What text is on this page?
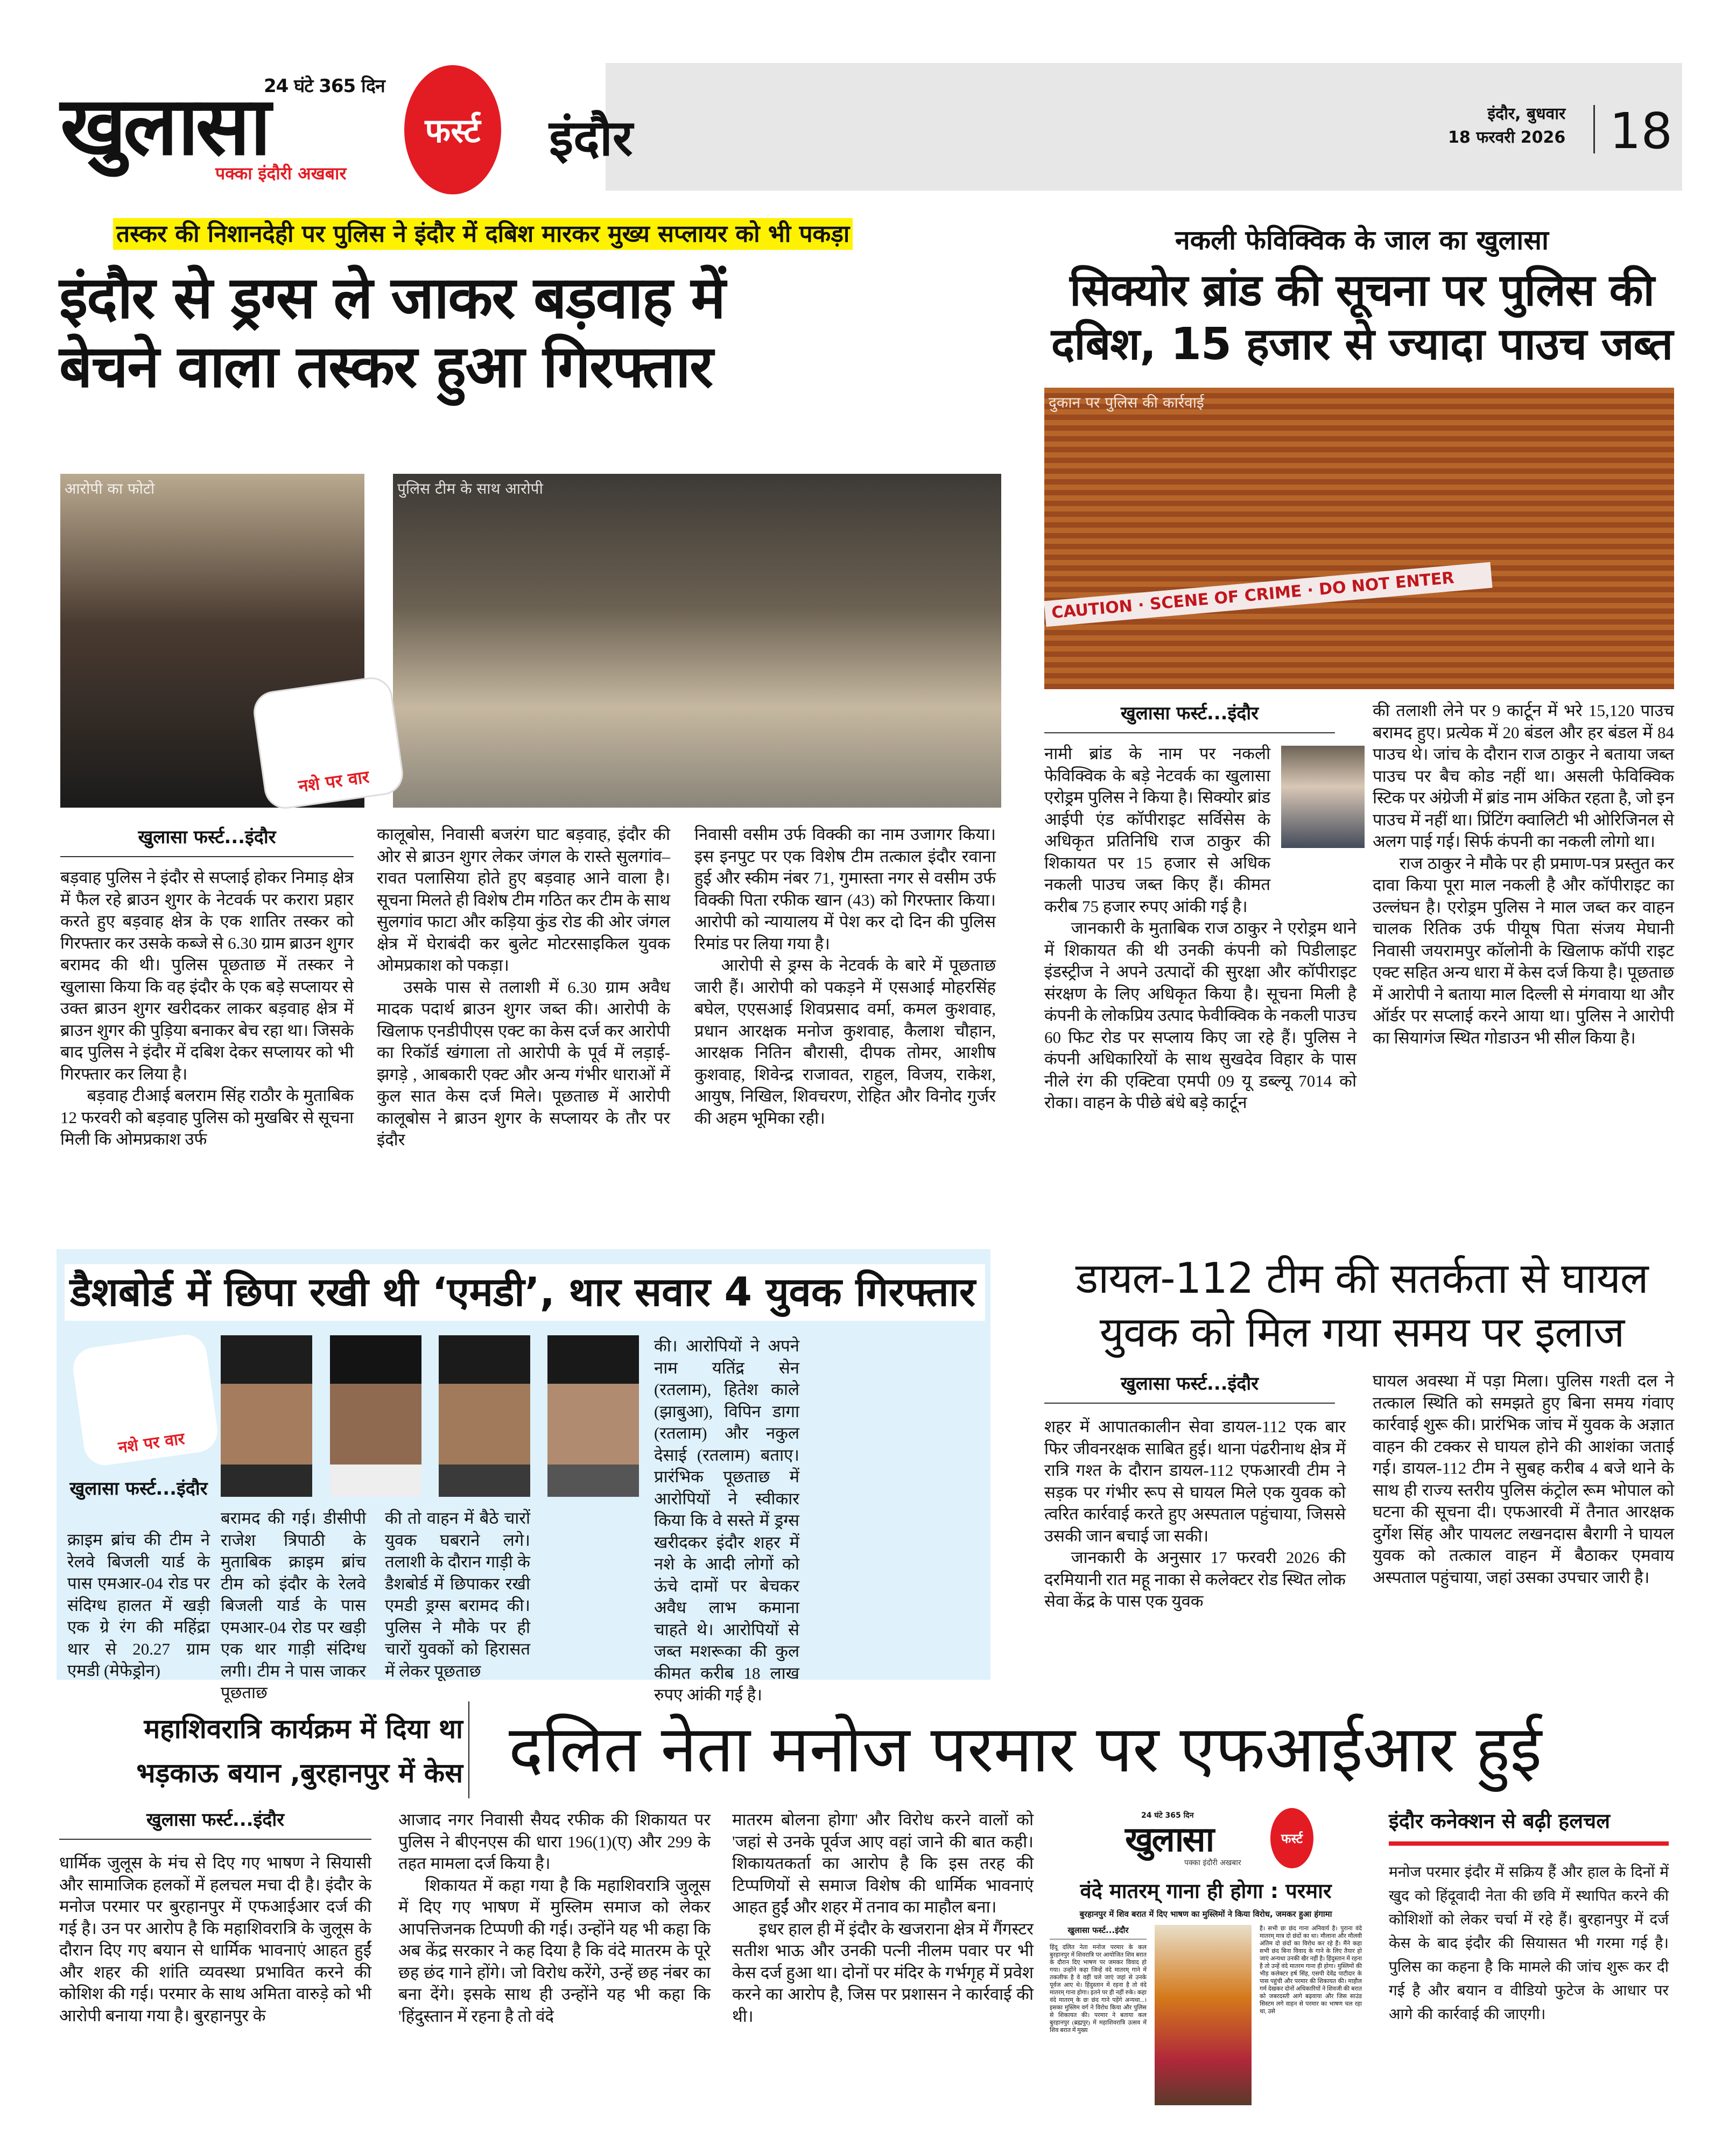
24 घंटे 365 दिन
खुलासा
पक्का इंदौरी अखबार
फर्स्ट इंदौर	इंदौर, बुधवार
18 फरवरी 2026 18
तस्कर की निशानदेही पर पुलिस ने इंदौर में दबिश मारकर मुख्य सप्लायर को भी पकड़ा
इंदौर से ड्रग्स ले जाकर बड़वाह में
बेचने वाला तस्कर हुआ गिरफ्तार
आरोपी का फोटो	पुलिस टीम के साथ आरोपी
नशे पर वार
खुलासा फर्स्ट...इंदौर

बड़वाह पुलिस ने इंदौर से सप्लाई होकर निमाड़ क्षेत्र में फैल रहे ब्राउन शुगर के नेटवर्क पर करारा प्रहार करते हुए बड़वाह क्षेत्र के एक शातिर तस्कर को गिरफ्तार कर उसके कब्जे से 6.30 ग्राम ब्राउन शुगर बरामद की थी। पुलिस पूछताछ में तस्कर ने खुलासा किया कि वह इंदौर के एक बड़े सप्लायर से उक्त ब्राउन शुगर खरीदकर लाकर बड़वाह क्षेत्र में ब्राउन शुगर की पुड़िया बनाकर बेच रहा था। जिसके बाद पुलिस ने इंदौर में दबिश देकर सप्लायर को भी गिरफ्तार कर लिया है।

बड़वाह टीआई बलराम सिंह राठौर के मुताबिक 12 फरवरी को बड़वाह पुलिस को मुखबिर से सूचना मिली कि ओमप्रकाश उर्फ

कालूबोस, निवासी बजरंग घाट बड़वाह, इंदौर की ओर से ब्राउन शुगर लेकर जंगल के रास्ते सुलगांव–रावत पलासिया होते हुए बड़वाह आने वाला है। सूचना मिलते ही विशेष टीम गठित कर टीम के साथ सुलगांव फाटा और कड़िया कुंड रोड की ओर जंगल क्षेत्र में घेराबंदी कर बुलेट मोटरसाइकिल युवक ओमप्रकाश को पकड़ा।

उसके पास से तलाशी में 6.30 ग्राम अवैध मादक पदार्थ ब्राउन शुगर जब्त की। आरोपी के खिलाफ एनडीपीएस एक्ट का केस दर्ज कर आरोपी का रिकॉर्ड खंगाला तो आरोपी के पूर्व में लड़ाई-झगड़े , आबकारी एक्ट और अन्य गंभीर धाराओं में कुल सात केस दर्ज मिले। पूछताछ में आरोपी कालूबोस ने ब्राउन शुगर के सप्लायर के तौर पर इंदौर

निवासी वसीम उर्फ विक्की का नाम उजागर किया। इस इनपुट पर एक विशेष टीम तत्काल इंदौर रवाना हुई और स्कीम नंबर 71, गुमास्ता नगर से वसीम उर्फ विक्की पिता रफीक खान (43) को गिरफ्तार किया। आरोपी को न्यायालय में पेश कर दो दिन की पुलिस रिमांड पर लिया गया है।

आरोपी से ड्रग्स के नेटवर्क के बारे में पूछताछ जारी हैं। आरोपी को पकड़ने में एसआई मोहरसिंह बघेल, एएसआई शिवप्रसाद वर्मा, कमल कुशवाह, प्रधान आरक्षक मनोज कुशवाह, कैलाश चौहान, आरक्षक नितिन बौरासी, दीपक तोमर, आशीष कुशवाह, शिवेन्द्र राजावत, राहुल, विजय, राकेश, आयुष, निखिल, शिवचरण, रोहित और विनोद गुर्जर की अहम भूमिका रही।

नकली फेविक्विक के जाल का खुलासा
सिक्योर ब्रांड की सूचना पर पुलिस की
दबिश, 15 हजार से ज्यादा पाउच जब्त
दुकान पर पुलिस की कार्रवाई
CAUTION · SCENE OF CRIME · DO NOT ENTER
खुलासा फर्स्ट...इंदौर

नामी ब्रांड के नाम पर नकली फेविक्विक के बड़े नेटवर्क का खुलासा एरोड्रम पुलिस ने किया है। सिक्योर ब्रांड आईपी एंड कॉपीराइट सर्विसेस के अधिकृत प्रतिनिधि राज ठाकुर की शिकायत पर 15 हजार से अधिक नकली पाउच जब्त किए हैं। कीमत करीब 75 हजार रुपए आंकी गई है।

जानकारी के मुताबिक राज ठाकुर ने एरोड्रम थाने में शिकायत की थी उनकी कंपनी को पिडीलाइट इंडस्ट्रीज ने अपने उत्पादों की सुरक्षा और कॉपीराइट संरक्षण के लिए अधिकृत किया है। सूचना मिली है कंपनी के लोकप्रिय उत्पाद फेवीक्विक के नकली पाउच 60 फिट रोड पर सप्लाय किए जा रहे हैं। पुलिस ने कंपनी अधिकारियों के साथ सुखदेव विहार के पास नीले रंग की एक्टिवा एमपी 09 यू डब्ल्यू 7014 को रोका। वाहन के पीछे बंधे बड़े कार्टून

की तलाशी लेने पर 9 कार्टून में भरे 15,120 पाउच बरामद हुए। प्रत्येक में 20 बंडल और हर बंडल में 84 पाउच थे। जांच के दौरान राज ठाकुर ने बताया जब्त पाउच पर बैच कोड नहीं था। असली फेविक्विक स्टिक पर अंग्रेजी में ब्रांड नाम अंकित रहता है, जो इन पाउच में नहीं था। प्रिंटिंग क्वालिटी भी ओरिजिनल से अलग पाई गई। सिर्फ कंपनी का नकली लोगो था।

राज ठाकुर ने मौके पर ही प्रमाण-पत्र प्रस्तुत कर दावा किया पूरा माल नकली है और कॉपीराइट का उल्लंघन है। एरोड्रम पुलिस ने माल जब्त कर वाहन चालक रितिक उर्फ पीयूष पिता संजय मेघानी निवासी जयरामपुर कॉलोनी के खिलाफ कॉपी राइट एक्ट सहित अन्य धारा में केस दर्ज किया है। पूछताछ में आरोपी ने बताया माल दिल्ली से मंगवाया था और ऑर्डर पर सप्लाई करने आया था। पुलिस ने आरोपी का सियागंज स्थित गोडाउन भी सील किया है।

डैशबोर्ड में छिपा रखी थी ‘एमडी’, थार सवार 4 युवक गिरफ्तार
नशे पर वार
खुलासा फर्स्ट...इंदौर
क्राइम ब्रांच की टीम ने रेलवे बिजली यार्ड के पास एमआर-04 रोड पर संदिग्ध हालत में खड़ी एक ग्रे रंग की महिंद्रा थार से 20.27 ग्राम एमडी (मेफेड्रोन)
बरामद की गई। डीसीपी राजेश त्रिपाठी के मुताबिक क्राइम ब्रांच टीम को इंदौर के रेलवे बिजली यार्ड के पास एमआर-04 रोड पर खड़ी एक थार गाड़ी संदिग्ध लगी। टीम ने पास जाकर पूछताछ
की तो वाहन में बैठे चारों युवक घबराने लगे। तलाशी के दौरान गाड़ी के डैशबोर्ड में छिपाकर रखी एमडी ड्रग्स बरामद की। पुलिस ने मौके पर ही चारों युवकों को हिरासत में लेकर पूछताछ
की। आरोपियों ने अपने नाम यतिंद्र सेन (रतलाम), हितेश काले (झाबुआ), विपिन डागा (रतलाम) और नकुल देसाई (रतलाम) बताए। प्रारंभिक पूछताछ में आरोपियों ने स्वीकार किया कि वे सस्ते में ड्रग्स खरीदकर इंदौर शहर में नशे के आदी लोगों को ऊंचे दामों पर बेचकर अवैध लाभ कमाना चाहते थे। आरोपियों से जब्त मशरूका की कुल कीमत करीब 18 लाख रुपए आंकी गई है।
डायल-112 टीम की सतर्कता से घायल
युवक को मिल गया समय पर इलाज
खुलासा फर्स्ट...इंदौर

शहर में आपातकालीन सेवा डायल-112 एक बार फिर जीवनरक्षक साबित हुई। थाना पंढरीनाथ क्षेत्र में रात्रि गश्त के दौरान डायल-112 एफआरवी टीम ने सड़क पर गंभीर रूप से घायल मिले एक युवक को त्वरित कार्रवाई करते हुए अस्पताल पहुंचाया, जिससे उसकी जान बचाई जा सकी।

जानकारी के अनुसार 17 फरवरी 2026 की दरमियानी रात महू नाका से कलेक्टर रोड स्थित लोक सेवा केंद्र के पास एक युवक

घायल अवस्था में पड़ा मिला। पुलिस गश्ती दल ने तत्काल स्थिति को समझते हुए बिना समय गंवाए कार्रवाई शुरू की। प्रारंभिक जांच में युवक के अज्ञात वाहन की टक्कर से घायल होने की आशंका जताई गई। डायल-112 टीम ने सुबह करीब 4 बजे थाने के साथ ही राज्य स्तरीय पुलिस कंट्रोल रूम भोपाल को घटना की सूचना दी। एफआरवी में तैनात आरक्षक दुर्गेश सिंह और पायलट लखनदास बैरागी ने घायल युवक को तत्काल वाहन में बैठाकर एमवाय अस्पताल पहुंचाया, जहां उसका उपचार जारी है।

महाशिवरात्रि कार्यक्रम में दिया था
भड़काऊ बयान ,बुरहानपुर में केस दलित नेता मनोज परमार पर एफआईआर हुई
खुलासा फर्स्ट...इंदौर
धार्मिक जुलूस के मंच से दिए गए भाषण ने सियासी और सामाजिक हलकों में हलचल मचा दी है। इंदौर के मनोज परमार पर बुरहानपुर में एफआईआर दर्ज की गई है। उन पर आरोप है कि महाशिवरात्रि के जुलूस के दौरान दिए गए बयान से धार्मिक भावनाएं आहत हुईं और शहर की शांति व्यवस्था प्रभावित करने की कोशिश की गई। परमार के साथ अमिता वारुड़े को भी आरोपी बनाया गया है। बुरहानपुर के

आजाद नगर निवासी सैयद रफीक की शिकायत पर पुलिस ने बीएनएस की धारा 196(1)(ए) और 299 के तहत मामला दर्ज किया है।

शिकायत में कहा गया है कि महाशिवरात्रि जुलूस में दिए गए भाषण में मुस्लिम समाज को लेकर आपत्तिजनक टिप्पणी की गई। उन्होंने यह भी कहा कि अब केंद्र सरकार ने कह दिया है कि वंदे मातरम के पूरे छह छंद गाने होंगे। जो विरोध करेंगे, उन्हें छह नंबर का बना देंगे। इसके साथ ही उन्होंने यह भी कहा कि 'हिंदुस्तान में रहना है तो वंदे

मातरम बोलना होगा' और विरोध करने वालों को 'जहां से उनके पूर्वज आए वहां जाने की बात कही। शिकायतकर्ता का आरोप है कि इस तरह की टिप्पणियों से समाज विशेष की धार्मिक भावनाएं आहत हुईं और शहर में तनाव का माहौल बना।

इधर हाल ही में इंदौर के खजराना क्षेत्र में गैंगस्टर सतीश भाऊ और उनकी पत्नी नीलम पवार पर भी केस दर्ज हुआ था। दोनों पर मंदिर के गर्भगृह में प्रवेश करने का आरोप है, जिस पर प्रशासन ने कार्रवाई की थी।

24 घंटे 365 दिन
खुलासा	फर्स्ट
पक्का इंदौरी अखबार
वंदे मातरम् गाना ही होगा : परमार
बुरहानपुर में शिव बरात में दिए भाषण का मुस्लिमों ने किया विरोध, जमकर हुआ हंगामा
खुलासा फर्स्ट...इंदौर
हिंदू दलित नेता मनोज परमार के कल बुरहानपुर में शिवरात्रि पर आयोजित शिव बरात के दौरान दिए भाषण पर जमकर विवाद हो गया। उन्होंने कहा जिन्हें वंदे मातरम् गाने में तकलीफ है वे वहीं चले जाएं जहां से उनके पूर्वज आए थे। हिंदुस्तान में रहना है तो वंदे मातरम् गाना होगा। इतने पर ही नहीं रुके। कहा वंदे मातरम् के छः छंद गाने पड़ेंगे अन्यथा...। इसका मुस्लिम वर्ग ने विरोध किया और पुलिस से शिकायत की। परमार ने बताया कल बुरहानपुर (ब्रह्मपुर) में महाशिवरात्रि उत्सव में शिव बरात में मुख्य
है। सभी छः छंद गाना अनिवार्य है। पुराना वंदे मातरम् मात्र दो छंदों का था। मौलाना और मौलवी अंतिम दो छंदों का विरोध कर रहे हैं। मैंने कहा सभी छंद बिना विवाद के गाने के लिए तैयार हो जाएं अन्यथा उनकी खैर नहीं है। हिंदुस्तान में रहना है तो उन्हें वंदे मातरम गाना ही होगा। मुस्लिमों की भीड़ कलेक्टर हर्ष सिंह, एसपी देवेंद्र पाटीदार के पास पहुंची और परमार की शिकायत की। माहौल गर्म देखकर दोनों अधिकारियों ने शिवजी की बरात को जबरदस्ती आगे बढ़वाया और जिस साउंड सिस्टम लगे वाहन से परमार का भाषण चल रहा था, उसे
इंदौर कनेक्शन से बढ़ी हलचल
मनोज परमार इंदौर में सक्रिय हैं और हाल के दिनों में खुद को हिंदूवादी नेता की छवि में स्थापित करने की कोशिशों को लेकर चर्चा में रहे हैं। बुरहानपुर में दर्ज केस के बाद इंदौर की सियासत भी गरमा गई है। पुलिस का कहना है कि मामले की जांच शुरू कर दी गई है और बयान व वीडियो फुटेज के आधार पर आगे की कार्रवाई की जाएगी।
